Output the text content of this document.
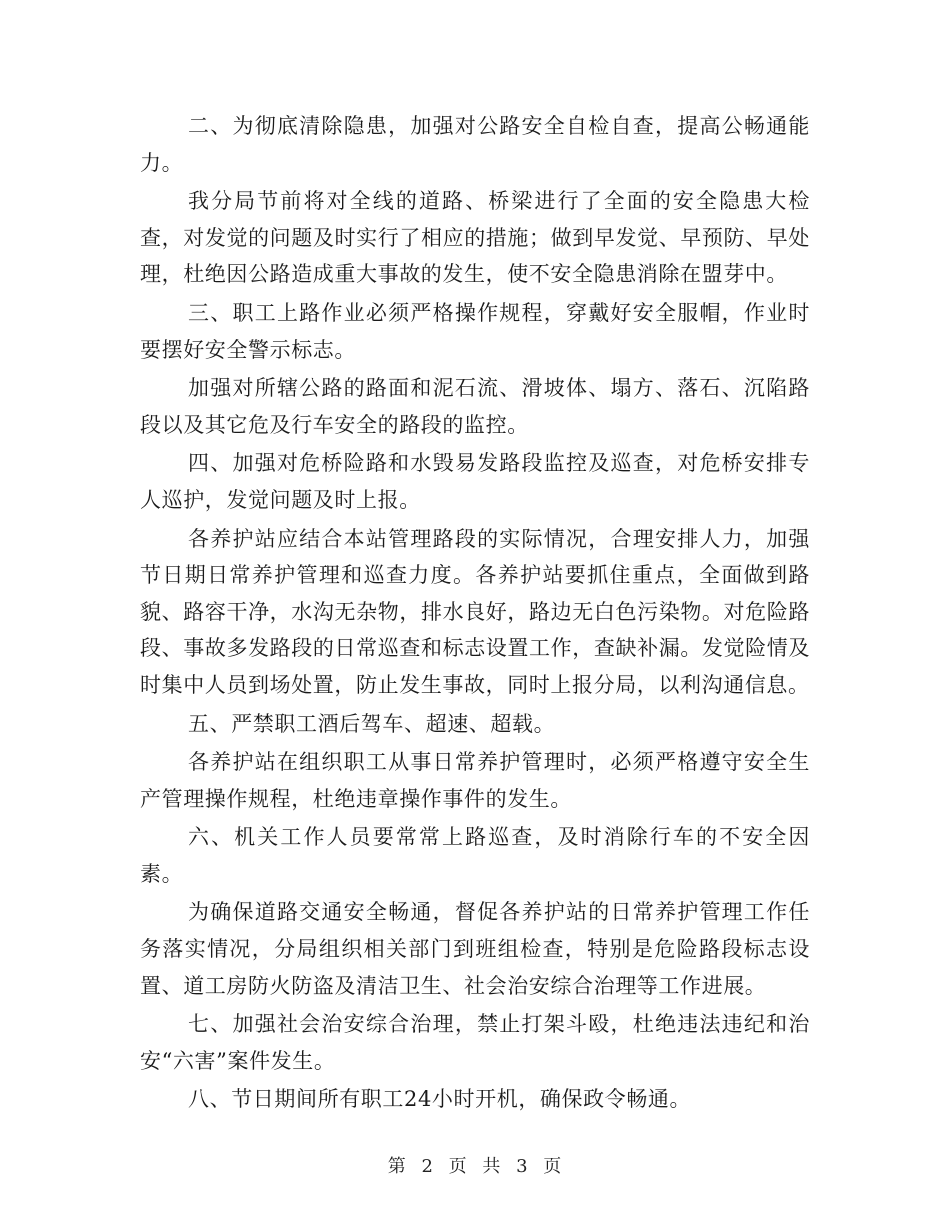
二、为彻底清除隐患，加强对公路安全自检自查，提高公畅通能力。

我分局节前将对全线的道路、桥梁进行了全面的安全隐患大检查，对发觉的问题及时实行了相应的措施；做到早发觉、早预防、早处理，杜绝因公路造成重大事故的发生，使不安全隐患消除在盟芽中。

三、职工上路作业必须严格操作规程，穿戴好安全服帽，作业时要摆好安全警示标志。

加强对所辖公路的路面和泥石流、滑坡体、塌方、落石、沉陷路段以及其它危及行车安全的路段的监控。

四、加强对危桥险路和水毁易发路段监控及巡查，对危桥安排专人巡护，发觉问题及时上报。

各养护站应结合本站管理路段的实际情况，合理安排人力，加强节日期日常养护管理和巡查力度。各养护站要抓住重点，全面做到路貌、路容干净，水沟无杂物，排水良好，路边无白色污染物。对危险路段、事故多发路段的日常巡查和标志设置工作，查缺补漏。发觉险情及时集中人员到场处置，防止发生事故，同时上报分局，以利沟通信息。

五、严禁职工酒后驾车、超速、超载。

各养护站在组织职工从事日常养护管理时，必须严格遵守安全生产管理操作规程，杜绝违章操作事件的发生。

六、机关工作人员要常常上路巡查，及时消除行车的不安全因素。

为确保道路交通安全畅通，督促各养护站的日常养护管理工作任务落实情况，分局组织相关部门到班组检查，特别是危险路段标志设置、道工房防火防盗及清洁卫生、社会治安综合治理等工作进展。

七、加强社会治安综合治理，禁止打架斗殴，杜绝违法违纪和治安“六害”案件发生。

八、节日期间所有职工24小时开机，确保政令畅通。

第 2 页 共 3 页
